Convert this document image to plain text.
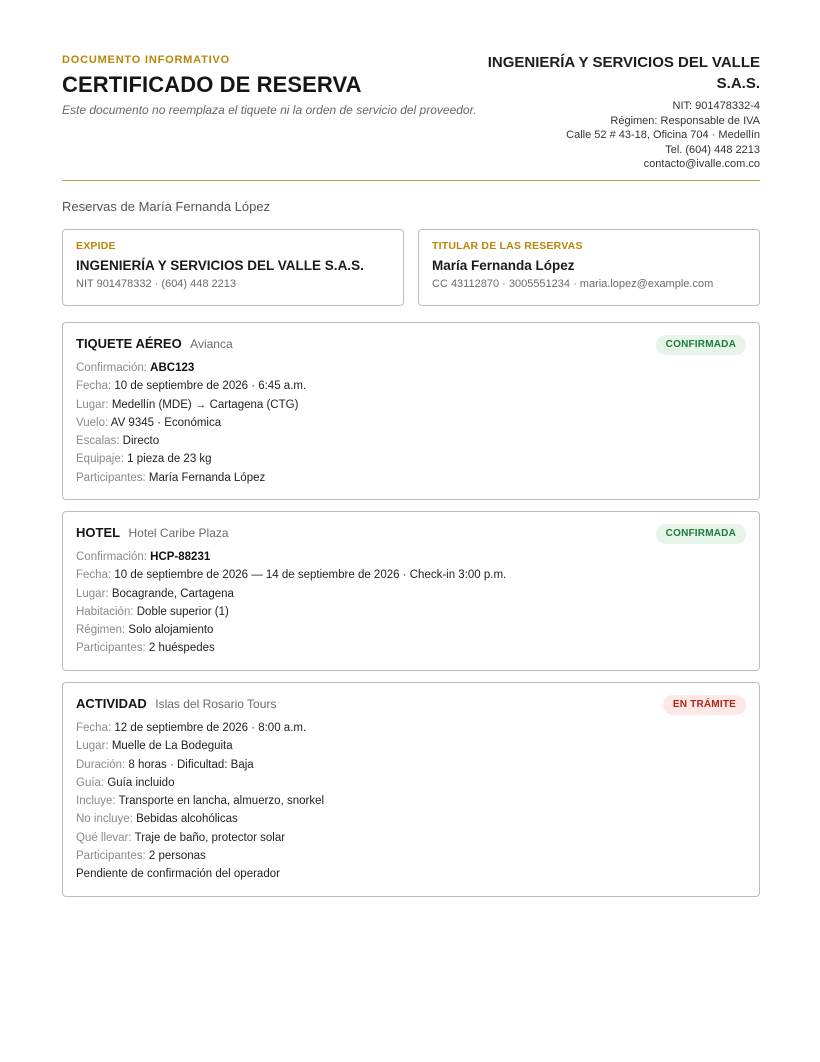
DOCUMENTO INFORMATIVO
CERTIFICADO DE RESERVA
Este documento no reemplaza el tiquete ni la orden de servicio del proveedor.
INGENIERÍA Y SERVICIOS DEL VALLE S.A.S.
NIT: 901478332-4
Régimen: Responsable de IVA
Calle 52 # 43-18, Oficina 704 · Medellín
Tel. (604) 448 2213
contacto@ivalle.com.co
Reservas de María Fernanda López
EXPIDE
INGENIERÍA Y SERVICIOS DEL VALLE S.A.S.
NIT 901478332 · (604) 448 2213
TITULAR DE LAS RESERVAS
María Fernanda López
CC 43112870 · 3005551234 · maria.lopez@example.com
TIQUETE AÉREO Avianca	CONFIRMADA
Confirmación: ABC123
Fecha: 10 de septiembre de 2026 · 6:45 a.m.
Lugar: Medellín (MDE) → Cartagena (CTG)
Vuelo: AV 9345 · Económica
Escalas: Directo
Equipaje: 1 pieza de 23 kg
Participantes: María Fernanda López
HOTEL Hotel Caribe Plaza	CONFIRMADA
Confirmación: HCP-88231
Fecha: 10 de septiembre de 2026 — 14 de septiembre de 2026 · Check-in 3:00 p.m.
Lugar: Bocagrande, Cartagena
Habitación: Doble superior (1)
Régimen: Solo alojamiento
Participantes: 2 huéspedes
ACTIVIDAD Islas del Rosario Tours	EN TRÁMITE
Fecha: 12 de septiembre de 2026 · 8:00 a.m.
Lugar: Muelle de La Bodeguita
Duración: 8 horas · Dificultad: Baja
Guía: Guía incluido
Incluye: Transporte en lancha, almuerzo, snorkel
No incluye: Bebidas alcohólicas
Qué llevar: Traje de baño, protector solar
Participantes: 2 personas
Pendiente de confirmación del operador
